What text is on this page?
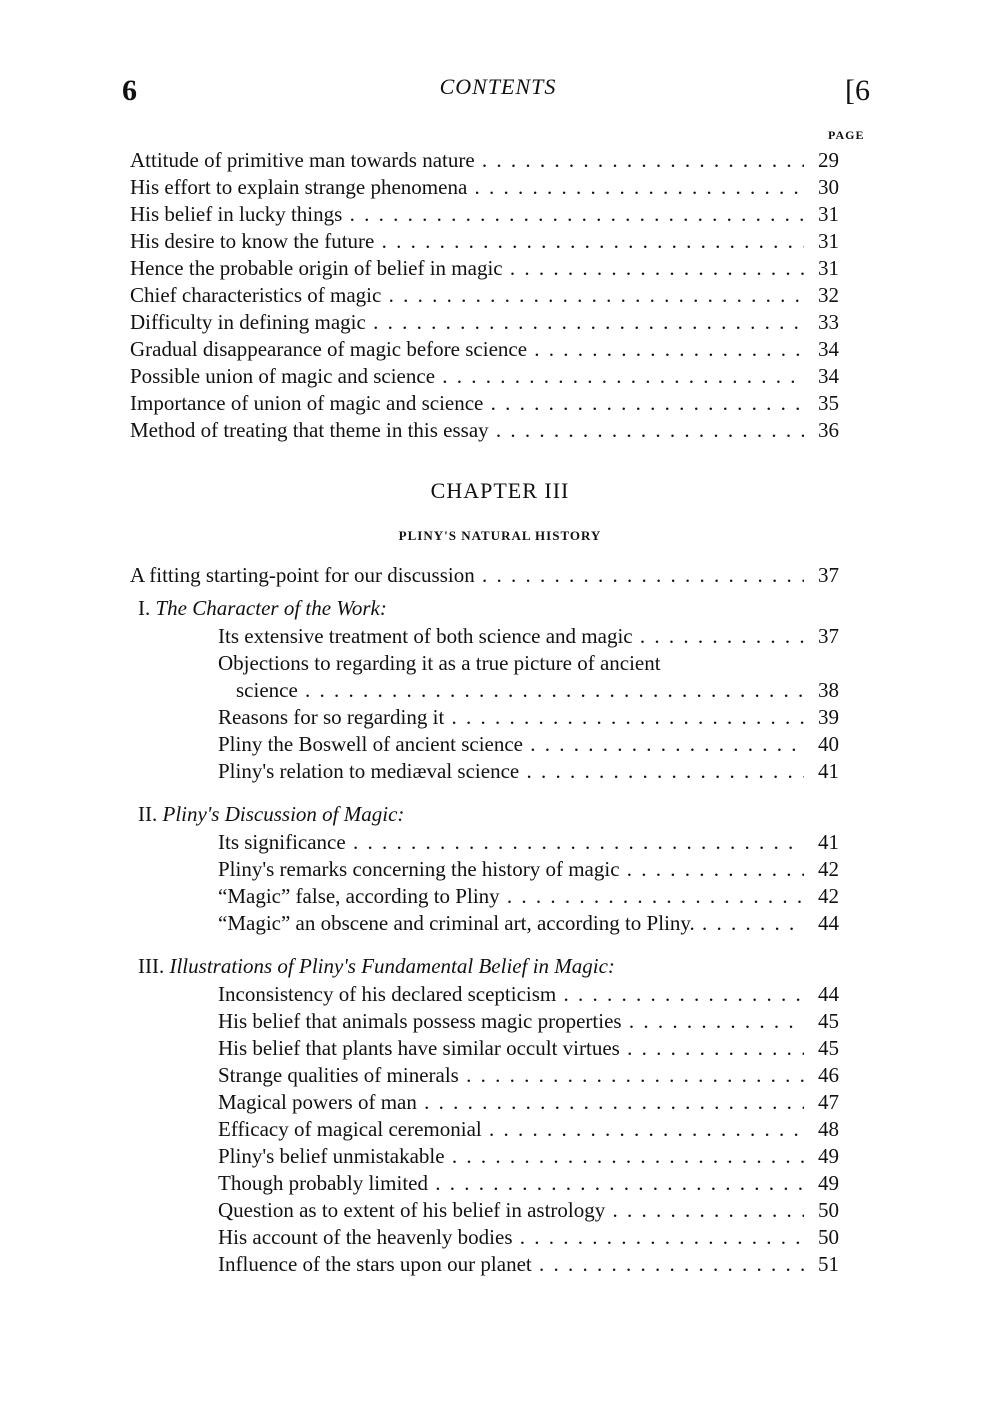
6	CONTENTS	[6
PAGE
Attitude of primitive man towards nature . . .	29
His effort to explain strange phenomena . . .	30
His belief in lucky things . . .	31
His desire to know the future . . .	31
Hence the probable origin of belief in magic . . .	31
Chief characteristics of magic . . .	32
Difficulty in defining magic . . .	33
Gradual disappearance of magic before science . . .	34
Possible union of magic and science . . .	34
Importance of union of magic and science . . .	35
Method of treating that theme in this essay . . .	36
CHAPTER III
PLINY'S NATURAL HISTORY
A fitting starting-point for our discussion . . .	37
I. The Character of the Work:
Its extensive treatment of both science and magic . . .	37
Objections to regarding it as a true picture of ancient
science . . .	38
Reasons for so regarding it . . .	39
Pliny the Boswell of ancient science . . .	40
Pliny's relation to mediæval science . . .	41
II. Pliny's Discussion of Magic:
Its significance . . .	41
Pliny's remarks concerning the history of magic . . .	42
“Magic” false, according to Pliny . . .	42
“Magic” an obscene and criminal art, according to Pliny. . . .	44
III. Illustrations of Pliny's Fundamental Belief in Magic:
Inconsistency of his declared scepticism . . .	44
His belief that animals possess magic properties . . .	45
His belief that plants have similar occult virtues . . .	45
Strange qualities of minerals . . .	46
Magical powers of man . . .	47
Efficacy of magical ceremonial . . .	48
Pliny's belief unmistakable . . .	49
Though probably limited . . .	49
Question as to extent of his belief in astrology . . .	50
His account of the heavenly bodies . . .	50
Influence of the stars upon our planet . . .	51
